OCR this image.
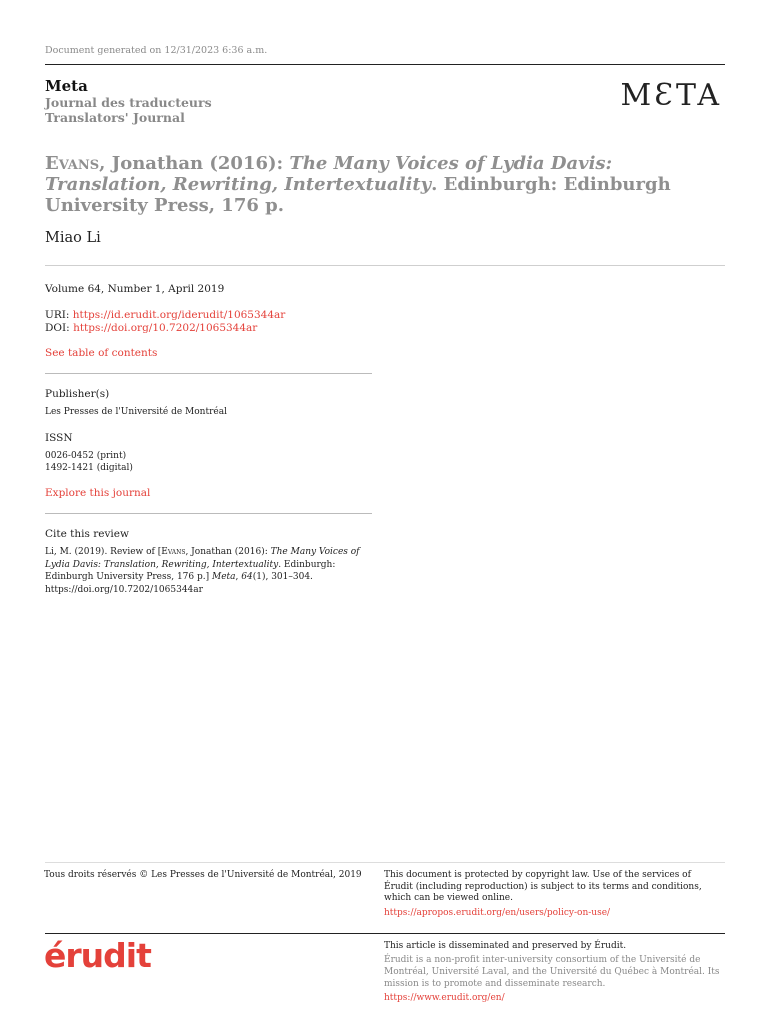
Document generated on 12/31/2023 6:36 a.m.
Meta
Journal des traducteurs
Translators' Journal
MƐTA
Evans, Jonathan (2016): The Many Voices of Lydia Davis: Translation, Rewriting, Intertextuality. Edinburgh: Edinburgh University Press, 176 p.
Miao Li
Volume 64, Number 1, April 2019
URI: https://id.erudit.org/iderudit/1065344ar
DOI: https://doi.org/10.7202/1065344ar
See table of contents
Publisher(s)
Les Presses de l'Université de Montréal
ISSN
0026-0452 (print)
1492-1421 (digital)
Explore this journal
Cite this review
Li, M. (2019). Review of [Evans, Jonathan (2016): The Many Voices of Lydia Davis: Translation, Rewriting, Intertextuality. Edinburgh: Edinburgh University Press, 176 p.] Meta, 64(1), 301–304. https://doi.org/10.7202/1065344ar
Tous droits réservés © Les Presses de l'Université de Montréal, 2019 This document is protected by copyright law. Use of the services of Érudit (including reproduction) is subject to its terms and conditions, which can be viewed online.
https://apropos.erudit.org/en/users/policy-on-use/
érudit	This article is disseminated and preserved by Érudit.
Érudit is a non-profit inter-university consortium of the Université de Montréal, Université Laval, and the Université du Québec à Montréal. Its mission is to promote and disseminate research.
https://www.erudit.org/en/
